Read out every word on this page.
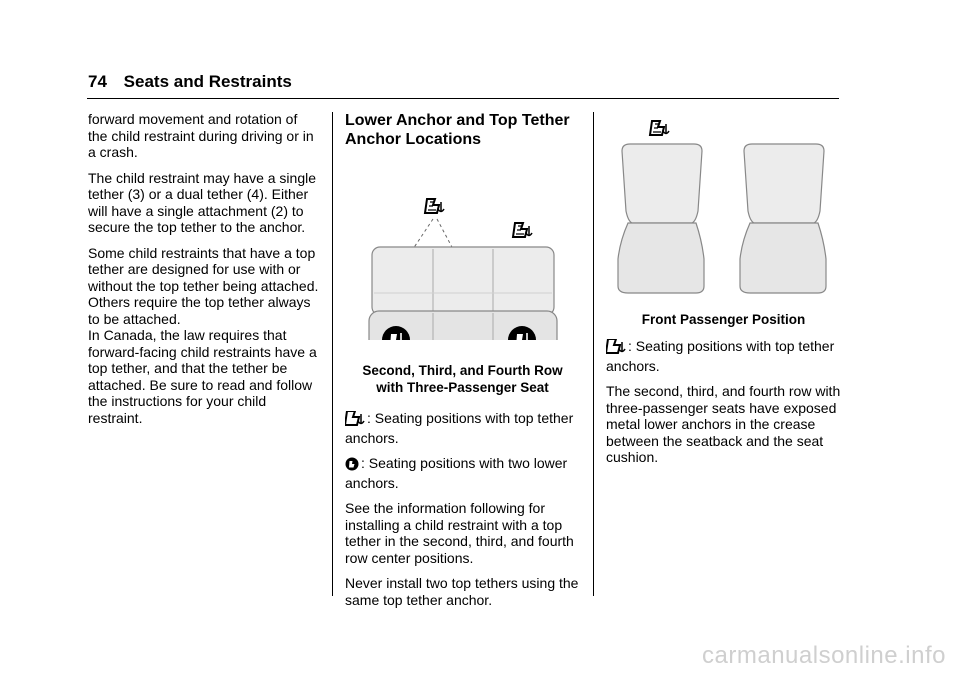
74 Seats and Restraints

forward movement and rotation of the child restraint during driving or in a crash.

The child restraint may have a single tether (3) or a dual tether (4). Either will have a single attachment (2) to secure the top tether to the anchor.

Some child restraints that have a top tether are designed for use with or without the top tether being attached. Others require the top tether always to be attached.

In Canada, the law requires that forward-facing child restraints have a top tether, and that the tether be attached. Be sure to read and follow the instructions for your child restraint.

Lower Anchor and Top Tether Anchor Locations
Second, Third, and Fourth Row
with Three-Passenger Seat

: Seating positions with top tether anchors.

: Seating positions with two lower anchors.

See the information following for installing a child restraint with a top tether in the second, third, and fourth row center positions.

Never install two top tethers using the same top tether anchor.

Front Passenger Position

: Seating positions with top tether anchors.

The second, third, and fourth row with three-passenger seats have exposed metal lower anchors in the crease between the seatback and the seat cushion.

carmanualsonline.info
